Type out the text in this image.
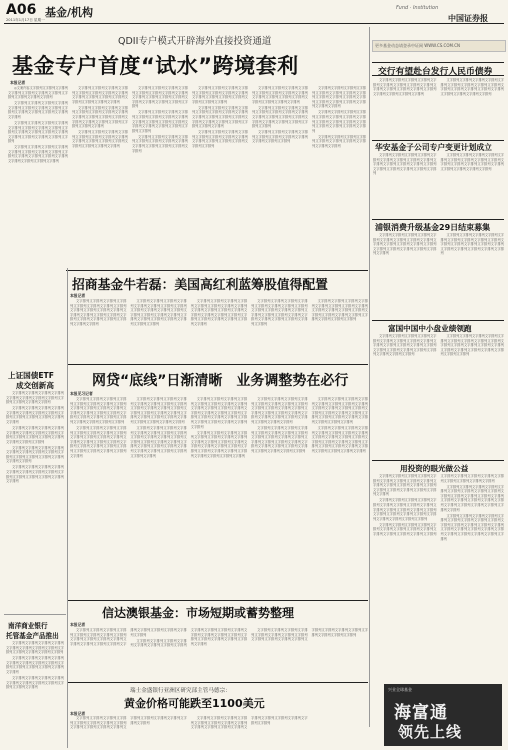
A06 基金/机构
2011年1月17日 星期一
Fund · Institution
中国证券报
QDII专户模式开辟海外直接投资通道
基金专户首度“试水”跨境套利
本报记者

◎文案内容文字排列文字排列文字排列文字排列文字排列文字排列文字排列文字排列文字排列文字排列文字排列

文字排列文字排列文字排列文字排列文字排列文字排列文字排列文字排列文字排列文字排列文字排列文字排列文字排列文字排列

文字排列文字排列文字排列文字排列文字排列文字排列文字排列文字排列文字排列文字排列文字排列文字排列文字排列文字排列文字排列文字排列文字排列文字排列

文字排列文字排列文字排列文字排列文字排列文字排列文字排列文字排列文字排列文字排列文字排列文字排列文字排列文字排列文字排列文字排列文字排列

文字排列文字排列文字排列文字排列文字排列文字排列文字排列文字排列文字排列文字排列文字排列文字排列文字排列文字排列文字排列文字排列

文字排列文字排列文字排列文字排列文字排列文字排列文字排列文字排列文字排列文字排列文字排列文字排列文字排列文字排列文字排列文字排列文字排列文字排列文字排列

文字排列文字排列文字排列文字排列文字排列文字排列文字排列文字排列文字排列文字排列文字排列文字排列文字排列文字排列文字排列文字排列

文字排列文字排列文字排列文字排列文字排列文字排列文字排列文字排列文字排列文字排列文字排列文字排列文字排列文字排列文字排列文字排列文字排列

文字排列文字排列文字排列文字排列文字排列文字排列文字排列文字排列文字排列文字排列文字排列文字排列文字排列文字排列文字排列文字排列文字排列文字排列

文字排列文字排列文字排列文字排列文字排列文字排列文字排列文字排列文字排列文字排列文字排列文字排列文字排列

文字排列文字排列文字排列文字排列文字排列文字排列文字排列文字排列文字排列文字排列文字排列文字排列文字排列文字排列文字排列

文字排列文字排列文字排列文字排列文字排列文字排列文字排列文字排列文字排列文字排列文字排列文字排列文字排列文字排列文字排列文字排列文字排列文字排列文字排列

文字排列文字排列文字排列文字排列文字排列文字排列文字排列文字排列文字排列文字排列文字排列文字排列文字排列文字排列

文字排列文字排列文字排列文字排列文字排列文字排列文字排列文字排列文字排列文字排列文字排列文字排列文字排列文字排列文字排列文字排列

文字排列文字排列文字排列文字排列文字排列文字排列文字排列文字排列文字排列文字排列文字排列文字排列文字排列文字排列文字排列文字排列文字排列文字排列

文字排列文字排列文字排列文字排列文字排列文字排列文字排列文字排列文字排列文字排列文字排列

文字排列文字排列文字排列文字排列文字排列文字排列文字排列文字排列文字排列文字排列文字排列文字排列文字排列文字排列文字排列文字排列文字排列文字排列

文字排列文字排列文字排列文字排列文字排列文字排列文字排列文字排列文字排列文字排列文字排列文字排列文字排列文字排列文字排列文字排列

文字排列文字排列文字排列文字排列文字排列文字排列文字排列文字排列文字排列文字排列

更多基金动态请登录中证网 WWW.CS.COM.CN
交行有望赴台发行人民币债券

文字排列文字排列文字排列文字排列文字排列文字排列文字排列文字排列文字排列文字排列文字排列文字排列文字排列文字排列文字排列文字排列文字排列文字排列

文字排列文字排列文字排列文字排列文字排列文字排列文字排列文字排列文字排列文字排列文字排列文字排列文字排列文字排列文字排列文字排列文字排列文字排列

华安基金子公司专户变更计划成立

文字排列文字排列文字排列文字排列文字排列文字排列文字排列文字排列文字排列文字排列文字排列文字排列文字排列文字排列文字排列文字排列文字排列文字排列文字排列

文字排列文字排列文字排列文字排列文字排列文字排列文字排列文字排列文字排列文字排列文字排列文字排列文字排列文字排列文字排列文字排列文字排列文字排列

浦银消费升级基金29日结束募集

文字排列文字排列文字排列文字排列文字排列文字排列文字排列文字排列文字排列文字排列文字排列文字排列文字排列文字排列文字排列文字排列文字排列文字排列文字排列文字排列

文字排列文字排列文字排列文字排列文字排列文字排列文字排列文字排列文字排列文字排列文字排列文字排列文字排列文字排列文字排列文字排列文字排列文字排列文字排列

富国中国中小盘业绩领跑

文字排列文字排列文字排列文字排列文字排列文字排列文字排列文字排列文字排列文字排列文字排列文字排列文字排列文字排列文字排列文字排列文字排列文字排列文字排列文字排列文字排列文字排列

文字排列文字排列文字排列文字排列文字排列文字排列文字排列文字排列文字排列文字排列文字排列文字排列文字排列文字排列文字排列文字排列文字排列文字排列文字排列文字排列文字排列

用投资的眼光做公益

文字排列文字排列文字排列文字排列文字排列文字排列文字排列文字排列文字排列文字排列文字排列文字排列文字排列文字排列文字排列文字排列文字排列文字排列文字排列文字排列

文字排列文字排列文字排列文字排列文字排列文字排列文字排列文字排列文字排列文字排列文字排列文字排列文字排列文字排列文字排列文字排列文字排列文字排列文字排列文字排列文字排列文字排列文字排列

文字排列文字排列文字排列文字排列文字排列文字排列文字排列文字排列文字排列文字排列文字排列文字排列文字排列文字排列文字排列文字排列文字排列文字排列文字排列文字排列文字排列文字排列文字排列

文字排列文字排列文字排列文字排列文字排列文字排列文字排列文字排列文字排列文字排列文字排列文字排列文字排列文字排列文字排列文字排列文字排列文字排列文字排列文字排列文字排列文字排列文字排列文字排列文字排列

文字排列文字排列文字排列文字排列文字排列文字排列文字排列文字排列文字排列文字排列文字排列文字排列文字排列文字排列文字排列文字排列文字排列文字排列文字排列文字排列文字排列文字排列文字排列文字排列

兴业全球基金
海富通
领先上线
招商基金牛若磊：美国高红利蓝筹股值得配置
本报记者

文字排列文字排列文字排列文字排列文字排列文字排列文字排列文字排列文字排列文字排列文字排列文字排列文字排列文字排列文字排列文字排列文字排列文字排列文字排列文字排列文字排列文字排列文字排列

文字排列文字排列文字排列文字排列文字排列文字排列文字排列文字排列文字排列文字排列文字排列文字排列文字排列文字排列文字排列文字排列文字排列文字排列文字排列文字排列文字排列文字排列文字排列

文字排列文字排列文字排列文字排列文字排列文字排列文字排列文字排列文字排列文字排列文字排列文字排列文字排列文字排列文字排列文字排列文字排列文字排列文字排列文字排列文字排列文字排列

文字排列文字排列文字排列文字排列文字排列文字排列文字排列文字排列文字排列文字排列文字排列文字排列文字排列文字排列文字排列文字排列文字排列文字排列文字排列文字排列文字排列文字排列

文字排列文字排列文字排列文字排列文字排列文字排列文字排列文字排列文字排列文字排列文字排列文字排列文字排列文字排列文字排列文字排列文字排列文字排列文字排列文字排列

上证国债ETF
成交创新高

文字排列文字排列文字排列文字排列文字排列文字排列文字排列文字排列文字排列文字排列文字排列文字排列

文字排列文字排列文字排列文字排列文字排列文字排列文字排列文字排列文字排列文字排列文字排列文字排列文字排列文字排列

文字排列文字排列文字排列文字排列文字排列文字排列文字排列文字排列文字排列文字排列文字排列文字排列文字排列文字排列文字排列文字排列

文字排列文字排列文字排列文字排列文字排列文字排列文字排列文字排列文字排列文字排列文字排列文字排列文字排列文字排列文字排列

文字排列文字排列文字排列文字排列文字排列文字排列文字排列文字排列文字排列文字排列文字排列文字排列文字排列文字排列

南洋商业银行
托管基金产品推出

文字排列文字排列文字排列文字排列文字排列文字排列文字排列文字排列文字排列文字排列文字排列文字排列文字排列

文字排列文字排列文字排列文字排列文字排列文字排列文字排列文字排列文字排列文字排列文字排列文字排列文字排列文字排列

文字排列文字排列文字排列文字排列文字排列文字排列文字排列文字排列文字排列文字排列文字排列

网贷“底线”日渐清晰　业务调整势在必行
本报见习记者

文字排列文字排列文字排列文字排列文字排列文字排列文字排列文字排列文字排列文字排列文字排列文字排列文字排列文字排列文字排列文字排列文字排列文字排列文字排列文字排列文字排列文字排列文字排列文字排列文字排列

文字排列文字排列文字排列文字排列文字排列文字排列文字排列文字排列文字排列文字排列文字排列文字排列文字排列文字排列文字排列文字排列文字排列文字排列文字排列文字排列文字排列文字排列文字排列文字排列文字排列文字排列

文字排列文字排列文字排列文字排列文字排列文字排列文字排列文字排列文字排列文字排列文字排列文字排列文字排列文字排列文字排列文字排列文字排列文字排列文字排列文字排列文字排列文字排列文字排列文字排列文字排列

文字排列文字排列文字排列文字排列文字排列文字排列文字排列文字排列文字排列文字排列文字排列文字排列文字排列文字排列文字排列文字排列文字排列文字排列文字排列文字排列文字排列文字排列文字排列文字排列文字排列文字排列文字排列

文字排列文字排列文字排列文字排列文字排列文字排列文字排列文字排列文字排列文字排列文字排列文字排列文字排列文字排列文字排列文字排列文字排列文字排列文字排列文字排列文字排列文字排列文字排列文字排列文字排列文字排列

文字排列文字排列文字排列文字排列文字排列文字排列文字排列文字排列文字排列文字排列文字排列文字排列文字排列文字排列文字排列文字排列文字排列文字排列文字排列文字排列文字排列文字排列文字排列文字排列文字排列

文字排列文字排列文字排列文字排列文字排列文字排列文字排列文字排列文字排列文字排列文字排列文字排列文字排列文字排列文字排列文字排列文字排列文字排列文字排列文字排列文字排列文字排列文字排列文字排列

文字排列文字排列文字排列文字排列文字排列文字排列文字排列文字排列文字排列文字排列文字排列文字排列文字排列文字排列文字排列文字排列文字排列文字排列文字排列文字排列文字排列文字排列文字排列文字排列文字排列

文字排列文字排列文字排列文字排列文字排列文字排列文字排列文字排列文字排列文字排列文字排列文字排列文字排列文字排列文字排列文字排列文字排列文字排列文字排列文字排列文字排列文字排列文字排列文字排列

文字排列文字排列文字排列文字排列文字排列文字排列文字排列文字排列文字排列文字排列文字排列文字排列文字排列文字排列文字排列文字排列文字排列文字排列文字排列文字排列文字排列文字排列文字排列文字排列文字排列

信达澳银基金：市场短期或蓄势整理
本报记者

文字排列文字排列文字排列文字排列文字排列文字排列文字排列文字排列文字排列文字排列文字排列文字排列文字排列文字排列文字排列文字排列文字排列文字排列文字排列文字排列文字排列文字排列

文字排列文字排列文字排列文字排列文字排列文字排列文字排列文字排列文字排列文字排列文字排列文字排列文字排列文字排列文字排列文字排列文字排列文字排列文字排列文字排列文字排列文字排列

文字排列文字排列文字排列文字排列文字排列文字排列文字排列文字排列文字排列文字排列文字排列文字排列文字排列文字排列文字排列文字排列文字排列文字排列文字排列文字排列

瑞士金盛银行亚洲区研究部主管马德宗：
黄金价格可能跌至1100美元
本报记者

文字排列文字排列文字排列文字排列文字排列文字排列文字排列文字排列文字排列文字排列文字排列文字排列文字排列文字排列文字排列文字排列文字排列文字排列

文字排列文字排列文字排列文字排列文字排列文字排列文字排列文字排列文字排列文字排列文字排列文字排列文字排列文字排列文字排列文字排列文字排列文字排列
